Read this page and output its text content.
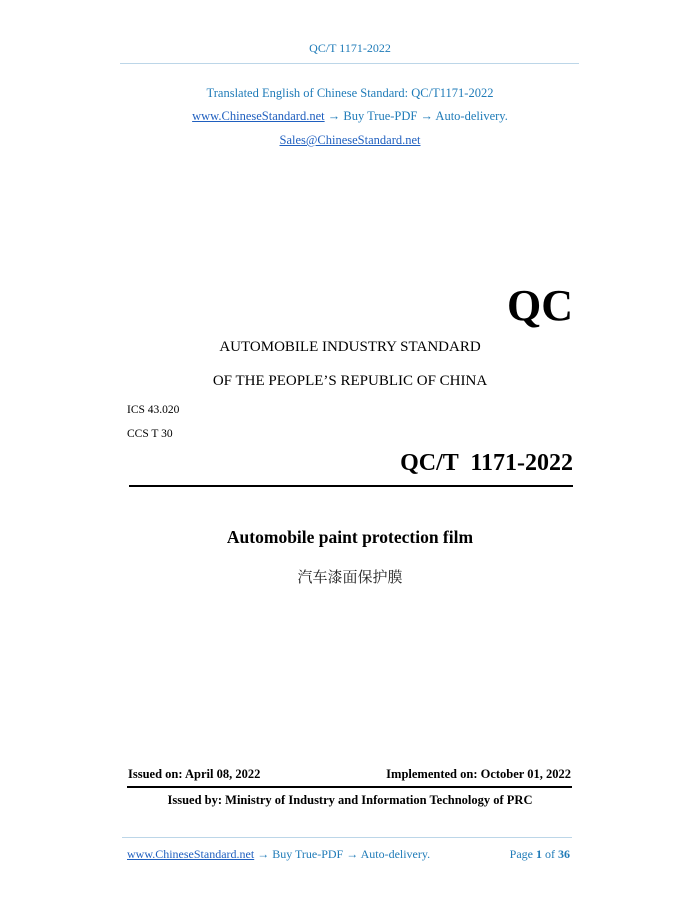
QC/T 1171-2022
Translated English of Chinese Standard: QC/T1171-2022
www.ChineseStandard.net → Buy True-PDF → Auto-delivery.
Sales@ChineseStandard.net
QC
AUTOMOBILE INDUSTRY STANDARD
OF THE PEOPLE’S REPUBLIC OF CHINA
ICS 43.020
CCS T 30
QC/T  1171-2022
Automobile paint protection film
汽车漆面保护膜
Issued on: April 08, 2022	Implemented on: October 01, 2022
Issued by: Ministry of Industry and Information Technology of PRC
www.ChineseStandard.net → Buy True-PDF → Auto-delivery.	Page 1 of 36
